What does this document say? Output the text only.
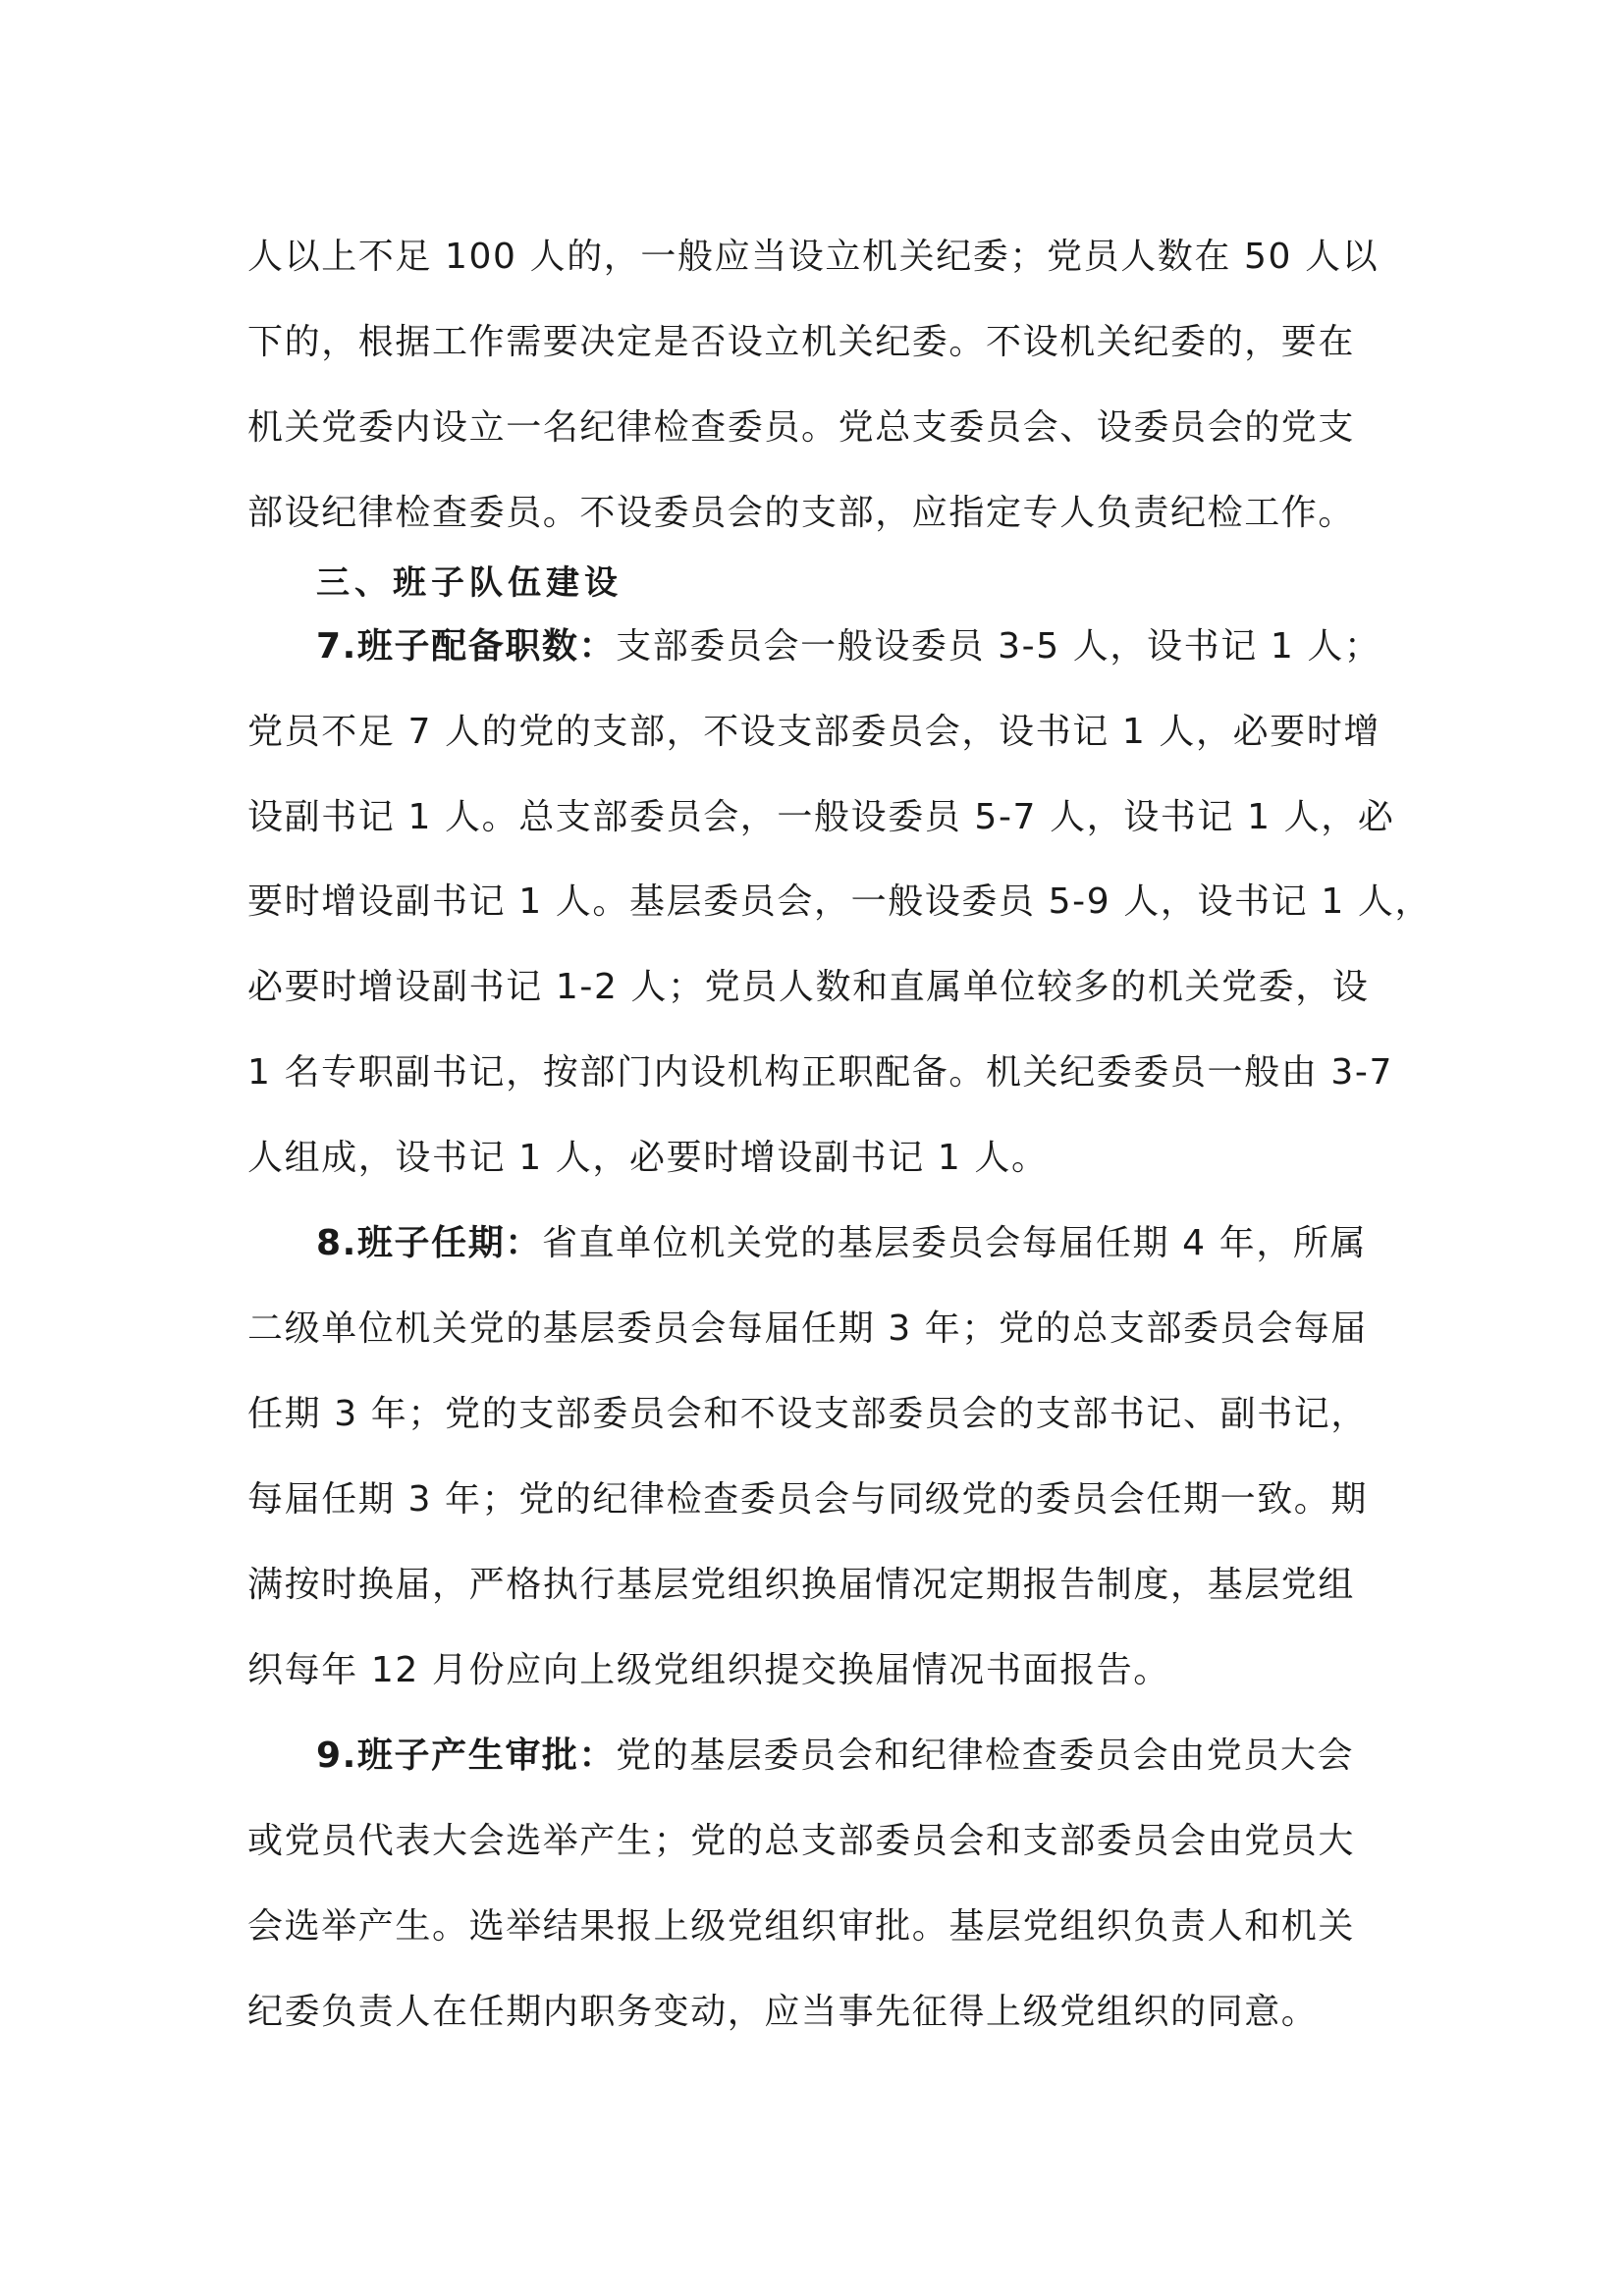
人以上不足 100 人的，一般应当设立机关纪委；党员人数在 50 人以
下的，根据工作需要决定是否设立机关纪委。不设机关纪委的，要在
机关党委内设立一名纪律检查委员。党总支委员会、设委员会的党支
部设纪律检查委员。不设委员会的支部，应指定专人负责纪检工作。
三、班子队伍建设
7.班子配备职数：支部委员会一般设委员 3-5 人，设书记 1 人；
党员不足 7 人的党的支部，不设支部委员会，设书记 1 人，必要时增
设副书记 1 人。总支部委员会，一般设委员 5-7 人，设书记 1 人，必
要时增设副书记 1 人。基层委员会，一般设委员 5-9 人，设书记 1 人，
必要时增设副书记 1-2 人；党员人数和直属单位较多的机关党委，设
1 名专职副书记，按部门内设机构正职配备。机关纪委委员一般由 3-7
人组成，设书记 1 人，必要时增设副书记 1 人。
8.班子任期：省直单位机关党的基层委员会每届任期 4 年，所属
二级单位机关党的基层委员会每届任期 3 年；党的总支部委员会每届
任期 3 年；党的支部委员会和不设支部委员会的支部书记、副书记，
每届任期 3 年；党的纪律检查委员会与同级党的委员会任期一致。期
满按时换届，严格执行基层党组织换届情况定期报告制度，基层党组
织每年 12 月份应向上级党组织提交换届情况书面报告。
9.班子产生审批：党的基层委员会和纪律检查委员会由党员大会
或党员代表大会选举产生；党的总支部委员会和支部委员会由党员大
会选举产生。选举结果报上级党组织审批。基层党组织负责人和机关
纪委负责人在任期内职务变动，应当事先征得上级党组织的同意。
